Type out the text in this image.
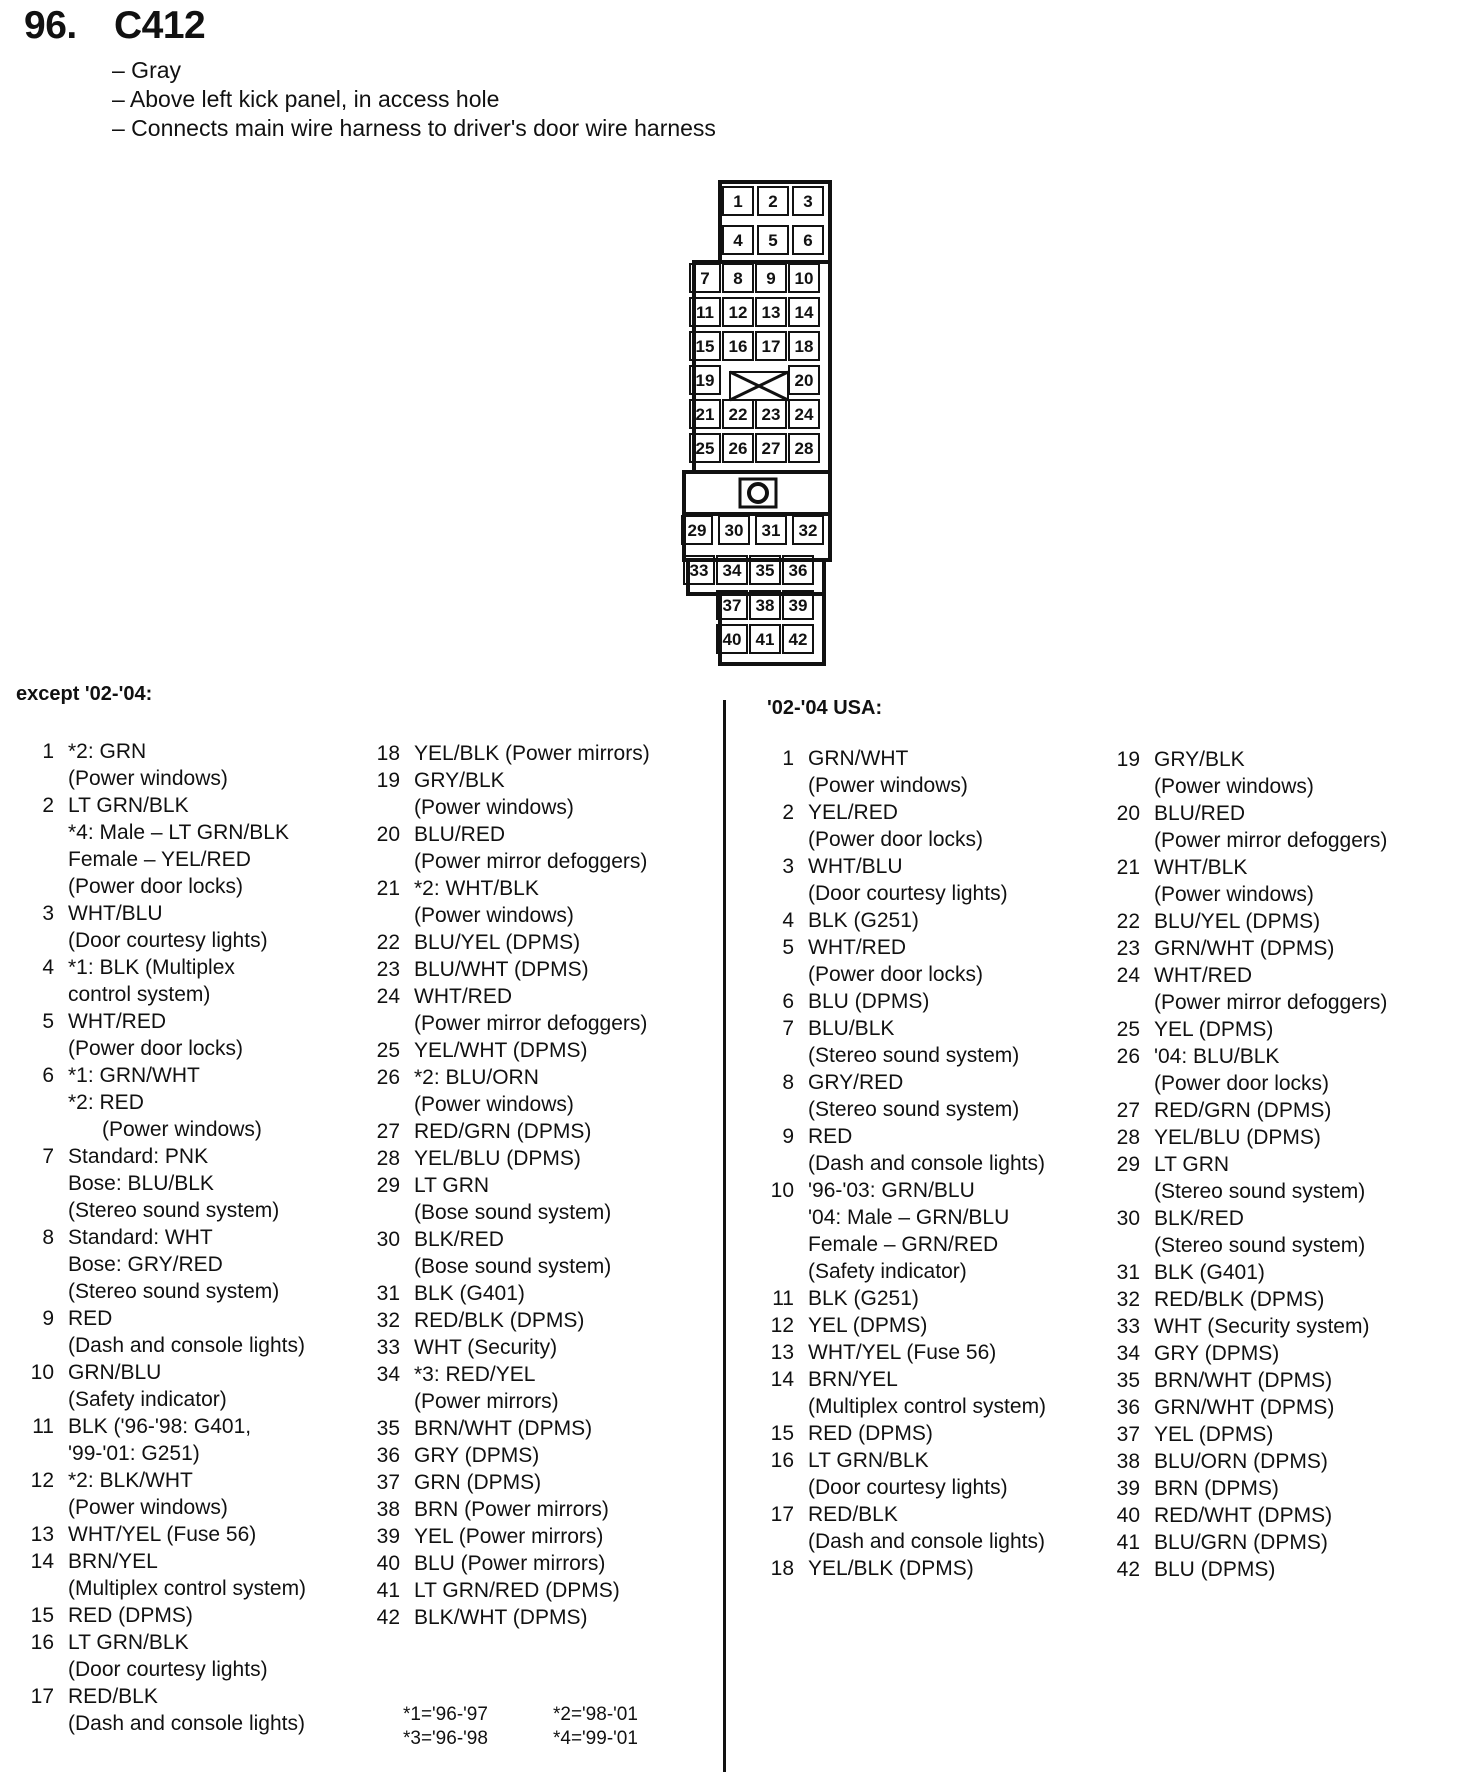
96. C412
– Gray
– Above left kick panel, in access hole
– Connects main wire harness to driver's door wire harness
1 2 3
4 5 6
7 8 9 10
11 12 13 14
15 16 17 18
19	20
21 22 23 24
25 26 27 28
29 30 31 32
33 34 35 36
37 38 39
40 41 42
except '02-'04:
1 *2: GRN
(Power windows)
2 LT GRN/BLK
*4: Male – LT GRN/BLK
Female – YEL/RED
(Power door locks)
3 WHT/BLU
(Door courtesy lights)
4 *1: BLK (Multiplex
control system)
5 WHT/RED
(Power door locks)
6 *1: GRN/WHT
*2: RED
(Power windows)
7 Standard: PNK
Bose: BLU/BLK
(Stereo sound system)
8 Standard: WHT
Bose: GRY/RED
(Stereo sound system)
9 RED
(Dash and console lights)
10 GRN/BLU
(Safety indicator)
11 BLK ('96-'98: G401,
'99-'01: G251)
12 *2: BLK/WHT
(Power windows)
13 WHT/YEL (Fuse 56)
14 BRN/YEL
(Multiplex control system)
15 RED (DPMS)
16 LT GRN/BLK
(Door courtesy lights)
17 RED/BLK
(Dash and console lights)
18 YEL/BLK (Power mirrors)
19 GRY/BLK
(Power windows)
20 BLU/RED
(Power mirror defoggers)
21 *2: WHT/BLK
(Power windows)
22 BLU/YEL (DPMS)
23 BLU/WHT (DPMS)
24 WHT/RED
(Power mirror defoggers)
25 YEL/WHT (DPMS)
26 *2: BLU/ORN
(Power windows)
27 RED/GRN (DPMS)
28 YEL/BLU (DPMS)
29 LT GRN
(Bose sound system)
30 BLK/RED
(Bose sound system)
31 BLK (G401)
32 RED/BLK (DPMS)
33 WHT (Security)
34 *3: RED/YEL
(Power mirrors)
35 BRN/WHT (DPMS)
36 GRY (DPMS)
37 GRN (DPMS)
38 BRN (Power mirrors)
39 YEL (Power mirrors)
40 BLU (Power mirrors)
41 LT GRN/RED (DPMS)
42 BLK/WHT (DPMS)
*1='96-'97	*2='98-'01
*3='96-'98	*4='99-'01
'02-'04 USA:
1 GRN/WHT
(Power windows)
2 YEL/RED
(Power door locks)
3 WHT/BLU
(Door courtesy lights)
4 BLK (G251)
5 WHT/RED
(Power door locks)
6 BLU (DPMS)
7 BLU/BLK
(Stereo sound system)
8 GRY/RED
(Stereo sound system)
9 RED
(Dash and console lights)
10 '96-'03: GRN/BLU
'04: Male – GRN/BLU
Female – GRN/RED
(Safety indicator)
11 BLK (G251)
12 YEL (DPMS)
13 WHT/YEL (Fuse 56)
14 BRN/YEL
(Multiplex control system)
15 RED (DPMS)
16 LT GRN/BLK
(Door courtesy lights)
17 RED/BLK
(Dash and console lights)
18 YEL/BLK (DPMS)
19 GRY/BLK
(Power windows)
20 BLU/RED
(Power mirror defoggers)
21 WHT/BLK
(Power windows)
22 BLU/YEL (DPMS)
23 GRN/WHT (DPMS)
24 WHT/RED
(Power mirror defoggers)
25 YEL (DPMS)
26 '04: BLU/BLK
(Power door locks)
27 RED/GRN (DPMS)
28 YEL/BLU (DPMS)
29 LT GRN
(Stereo sound system)
30 BLK/RED
(Stereo sound system)
31 BLK (G401)
32 RED/BLK (DPMS)
33 WHT (Security system)
34 GRY (DPMS)
35 BRN/WHT (DPMS)
36 GRN/WHT (DPMS)
37 YEL (DPMS)
38 BLU/ORN (DPMS)
39 BRN (DPMS)
40 RED/WHT (DPMS)
41 BLU/GRN (DPMS)
42 BLU (DPMS)
